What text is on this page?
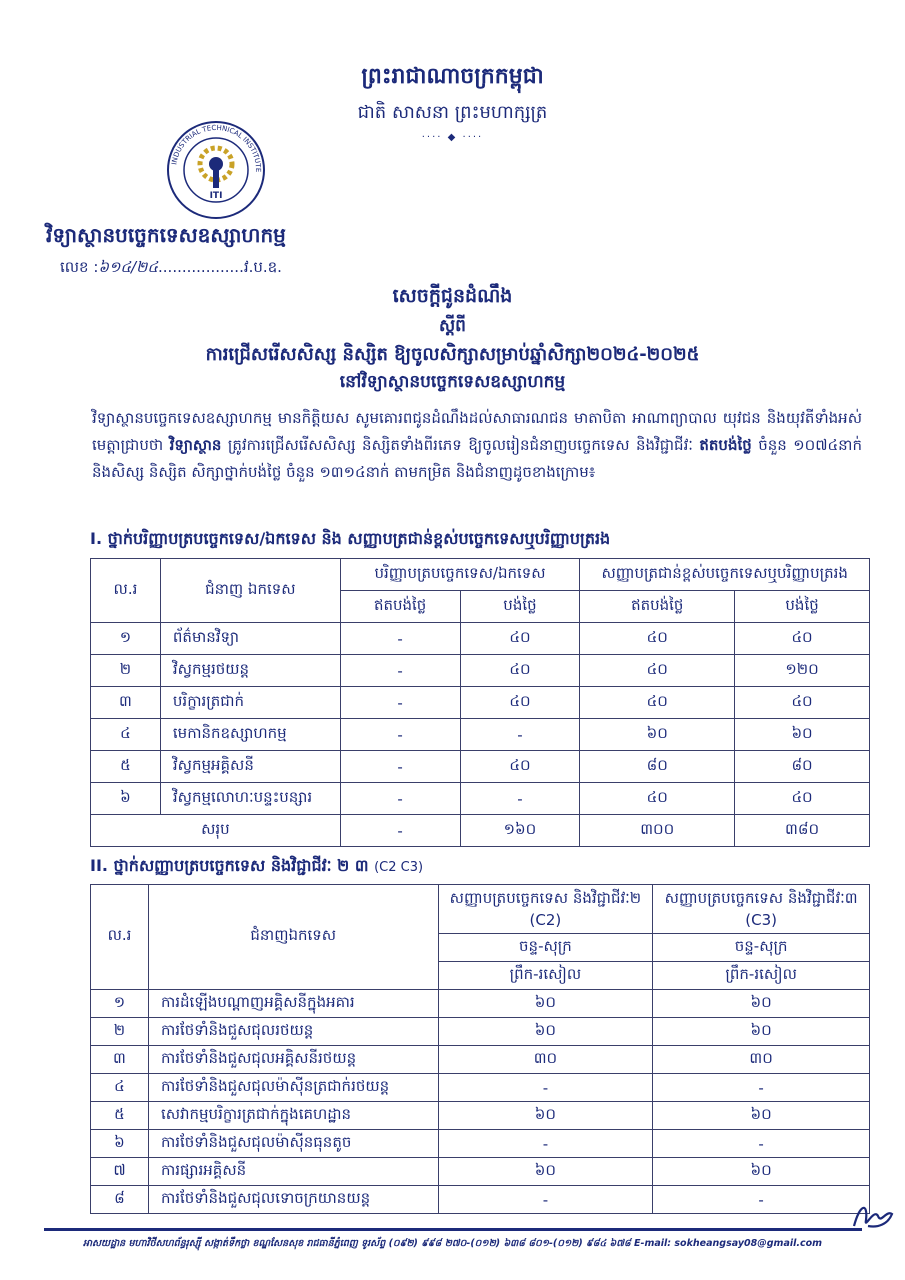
ព្រះរាជាណាចក្រកម្ពុជា
ជាតិ សាសនា ព្រះមហាក្សត្រ
···· ◆ ····
INDUSTRIAL TECHNICAL INSTITUTE
ITI
វិទ្យាស្ថានបច្ចេកទេសឧស្សាហកម្ម
លេខ :៦១៤/២៤..................វ.ប.ឧ.
សេចក្តីជូនដំណឹង
ស្តីពី
ការជ្រើសរើសសិស្ស និស្សិត ឱ្យចូលសិក្សាសម្រាប់ឆ្នាំសិក្សា២០២៤-២០២៥
នៅវិទ្យាស្ថានបច្ចេកទេសឧស្សាហកម្ម
វិទ្យាស្ថានបច្ចេកទេសឧស្សាហកម្ម មានកិត្តិយស សូមគោរពជូនដំណឹងដល់សាធារណជន មាតាបិតា អាណាព្យាបាល យុវជន និងយុវតីទាំងអស់ មេត្តាជ្រាបថា វិទ្យាស្ថាន ត្រូវការជ្រើសរើសសិស្ស និស្សិតទាំងពីរភេទ ឱ្យចូលរៀនជំនាញបច្ចេកទេស និងវិជ្ជាជីវៈ ឥតបង់ថ្លៃ ចំនួន ១០៧៤នាក់ និងសិស្ស និស្សិត សិក្សាថ្នាក់បង់ថ្លៃ ចំនួន ១៣១៤នាក់ តាមកម្រិត និងជំនាញដូចខាងក្រោម៖
I. ថ្នាក់បរិញ្ញាបត្របច្ចេកទេស/ឯកទេស និង សញ្ញាបត្រជាន់ខ្ពស់បច្ចេកទេសឬបរិញ្ញាបត្ររង
ល.រ	ជំនាញ ឯកទេស	បរិញ្ញាបត្របច្ចេកទេស/ឯកទេស		សញ្ញាបត្រជាន់ខ្ពស់បច្ចេកទេសឬបរិញ្ញាបត្ររង	
		ឥតបង់ថ្លៃ	បង់ថ្លៃ	ឥតបង់ថ្លៃ	បង់ថ្លៃ
១	ព័ត៌មានវិទ្យា	-	៤០	៤០	៤០
២	វិស្វកម្មរថយន្ត	-	៤០	៤០	១២០
៣	បរិក្ខារត្រជាក់	-	៤០	៤០	៤០
៤	មេកានិកឧស្សាហកម្ម	-	-	៦០	៦០
៥	វិស្វកម្មអគ្គិសនី	-	៤០	៨០	៨០
៦	វិស្វកម្មលោហៈបន្ទះបន្សារ	-	-	៤០	៤០
សរុប		-	១៦០	៣០០	៣៨០
II. ថ្នាក់សញ្ញាបត្របច្ចេកទេស និងវិជ្ជាជីវៈ ២ ៣ (C2 C3)
ល.រ	ជំនាញឯកទេស	សញ្ញាបត្របច្ចេកទេស និងវិជ្ជាជីវៈ២ (C2)	សញ្ញាបត្របច្ចេកទេស និងវិជ្ជាជីវៈ៣ (C3)
		ចន្ទ-សុក្រ	ចន្ទ-សុក្រ
		ព្រឹក-រសៀល	ព្រឹក-រសៀល
១	ការដំឡើងបណ្តាញអគ្គិសនីក្នុងអគារ	៦០	៦០
២	ការថែទាំនិងជួសជុលរថយន្ត	៦០	៦០
៣	ការថែទាំនិងជួសជុលអគ្គិសនីរថយន្ត	៣០	៣០
៤	ការថែទាំនិងជួសជុលម៉ាស៊ីនត្រជាក់រថយន្ត	-	-
៥	សេវាកម្មបរិក្ខារត្រជាក់ក្នុងគេហដ្ឋាន	៦០	៦០
៦	ការថែទាំនិងជួសជុលម៉ាស៊ីនធុនតូច	-	-
៧	ការផ្សារអគ្គិសនី	៦០	៦០
៨	ការថែទាំនិងជួសជុលទោចក្រយានយន្ត	-	-
អាសយដ្ឋាន មហាវិថីសហព័ន្ធរុស្ស៊ី សង្កាត់ទឹកថ្លា ខណ្ឌសែនសុខ រាជធានីភ្នំពេញ ទូរស័ព្ទ (០៩២) ៩៩៨ ២៧០-(០១២) ៦៣៨ ៨០១-(០១២) ៩៨៤ ៦៧៨ E-mail: sokheangsay08@gmail.com
